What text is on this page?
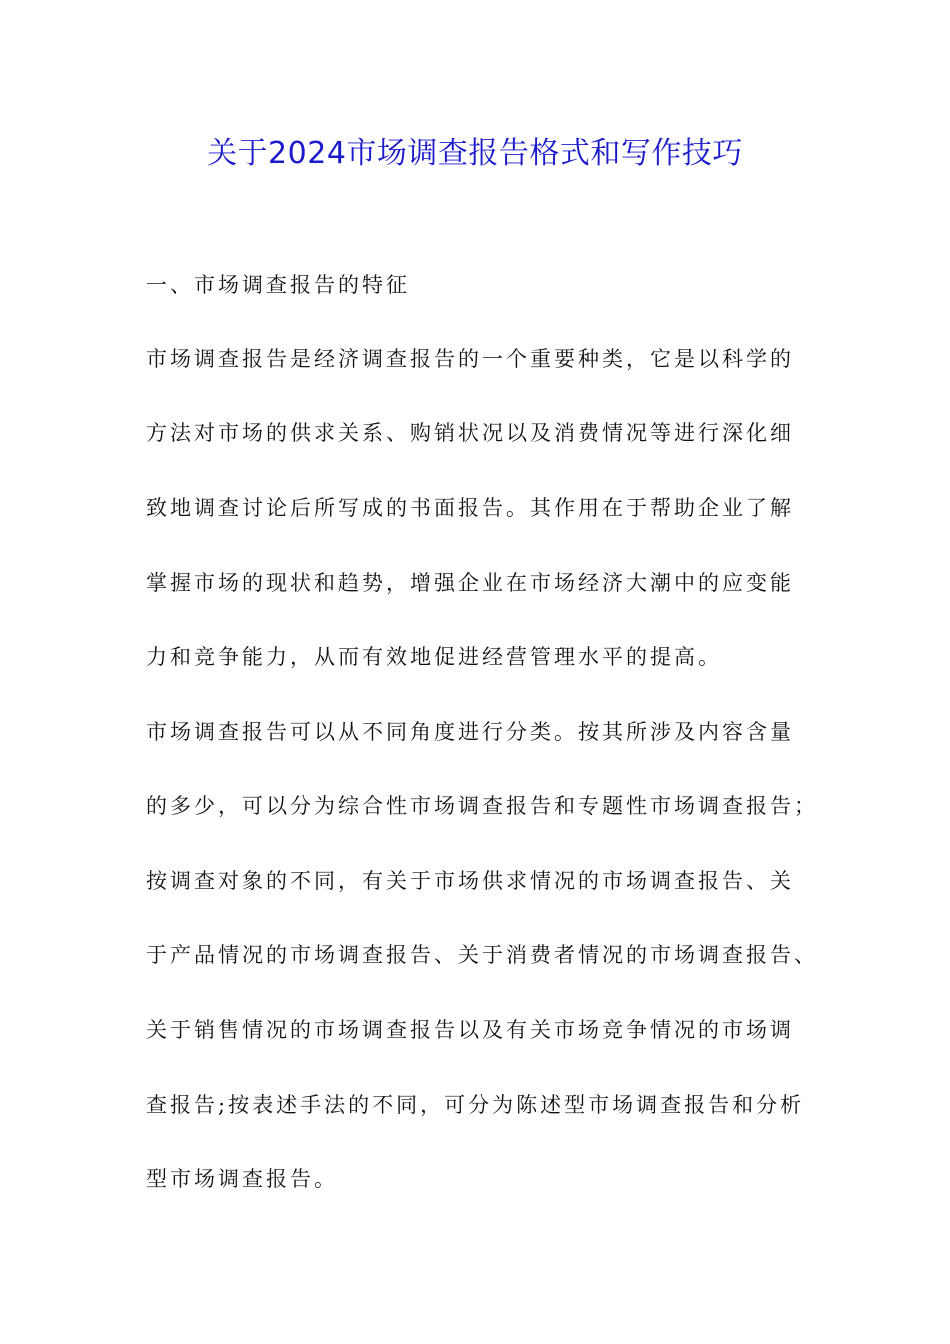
关于2024市场调查报告格式和写作技巧
一、市场调查报告的特征
市场调查报告是经济调查报告的一个重要种类，它是以科学的
方法对市场的供求关系、购销状况以及消费情况等进行深化细
致地调查讨论后所写成的书面报告。其作用在于帮助企业了解
掌握市场的现状和趋势，增强企业在市场经济大潮中的应变能
力和竞争能力，从而有效地促进经营管理水平的提高。
市场调查报告可以从不同角度进行分类。按其所涉及内容含量
的多少，可以分为综合性市场调查报告和专题性市场调查报告；
按调查对象的不同，有关于市场供求情况的市场调查报告、关
于产品情况的市场调查报告、关于消费者情况的市场调查报告、
关于销售情况的市场调查报告以及有关市场竞争情况的市场调
查报告;按表述手法的不同，可分为陈述型市场调查报告和分析
型市场调查报告。
